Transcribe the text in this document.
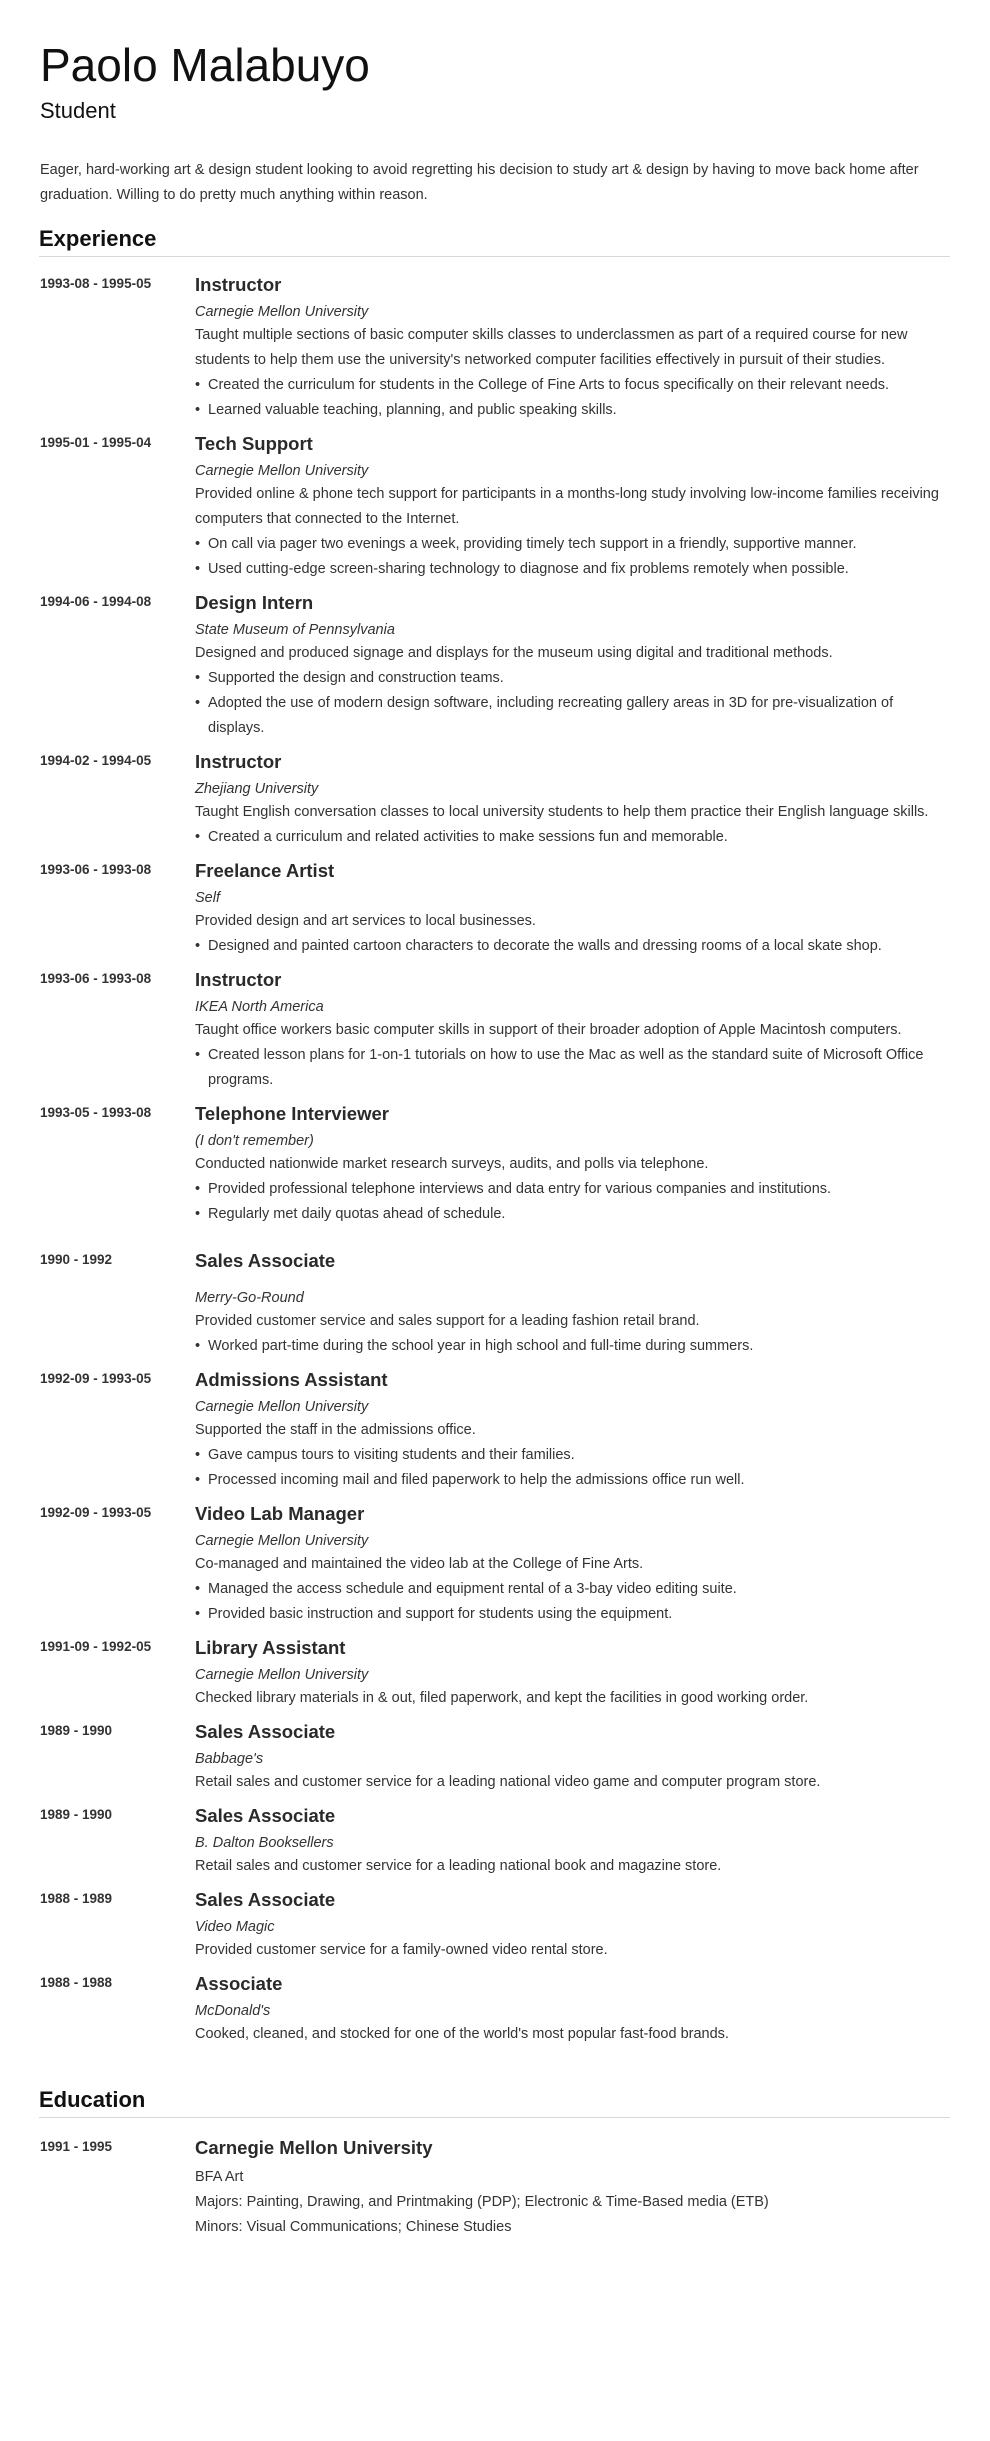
Paolo Malabuyo
Student

Eager, hard-working art & design student looking to avoid regretting his decision to study art & design by having to move back home after graduation. Willing to do pretty much anything within reason.

Experience
1993-08 - 1995-05	Instructor
Carnegie Mellon University
Taught multiple sections of basic computer skills classes to underclassmen as part of a required course for new students to help them use the university's networked computer facilities effectively in pursuit of their studies.
• Created the curriculum for students in the College of Fine Arts to focus specifically on their relevant needs.
• Learned valuable teaching, planning, and public speaking skills.
1995-01 - 1995-04	Tech Support
Carnegie Mellon University
Provided online & phone tech support for participants in a months-long study involving low-income families receiving computers that connected to the Internet.
• On call via pager two evenings a week, providing timely tech support in a friendly, supportive manner.
• Used cutting-edge screen-sharing technology to diagnose and fix problems remotely when possible.
1994-06 - 1994-08	Design Intern
State Museum of Pennsylvania
Designed and produced signage and displays for the museum using digital and traditional methods.
• Supported the design and construction teams.
• Adopted the use of modern design software, including recreating gallery areas in 3D for pre-visualization of displays.
1994-02 - 1994-05	Instructor
Zhejiang University
Taught English conversation classes to local university students to help them practice their English language skills.
• Created a curriculum and related activities to make sessions fun and memorable.
1993-06 - 1993-08	Freelance Artist
Self
Provided design and art services to local businesses.
• Designed and painted cartoon characters to decorate the walls and dressing rooms of a local skate shop.
1993-06 - 1993-08	Instructor
IKEA North America
Taught office workers basic computer skills in support of their broader adoption of Apple Macintosh computers.
• Created lesson plans for 1-on-1 tutorials on how to use the Mac as well as the standard suite of Microsoft Office programs.
1993-05 - 1993-08	Telephone Interviewer
(I don't remember)
Conducted nationwide market research surveys, audits, and polls via telephone.
• Provided professional telephone interviews and data entry for various companies and institutions.
• Regularly met daily quotas ahead of schedule.
1990 - 1992	Sales Associate
Merry-Go-Round
Provided customer service and sales support for a leading fashion retail brand.
• Worked part-time during the school year in high school and full-time during summers.
1992-09 - 1993-05	Admissions Assistant
Carnegie Mellon University
Supported the staff in the admissions office.
• Gave campus tours to visiting students and their families.
• Processed incoming mail and filed paperwork to help the admissions office run well.
1992-09 - 1993-05	Video Lab Manager
Carnegie Mellon University
Co-managed and maintained the video lab at the College of Fine Arts.
• Managed the access schedule and equipment rental of a 3-bay video editing suite.
• Provided basic instruction and support for students using the equipment.
1991-09 - 1992-05	Library Assistant
Carnegie Mellon University
Checked library materials in & out, filed paperwork, and kept the facilities in good working order.
1989 - 1990	Sales Associate
Babbage's
Retail sales and customer service for a leading national video game and computer program store.
1989 - 1990	Sales Associate
B. Dalton Booksellers
Retail sales and customer service for a leading national book and magazine store.
1988 - 1989	Sales Associate
Video Magic
Provided customer service for a family-owned video rental store.
1988 - 1988	Associate
McDonald's
Cooked, cleaned, and stocked for one of the world's most popular fast-food brands.
Education
1991 - 1995	Carnegie Mellon University
BFA Art
Majors: Painting, Drawing, and Printmaking (PDP); Electronic & Time-Based media (ETB)
Minors: Visual Communications; Chinese Studies
